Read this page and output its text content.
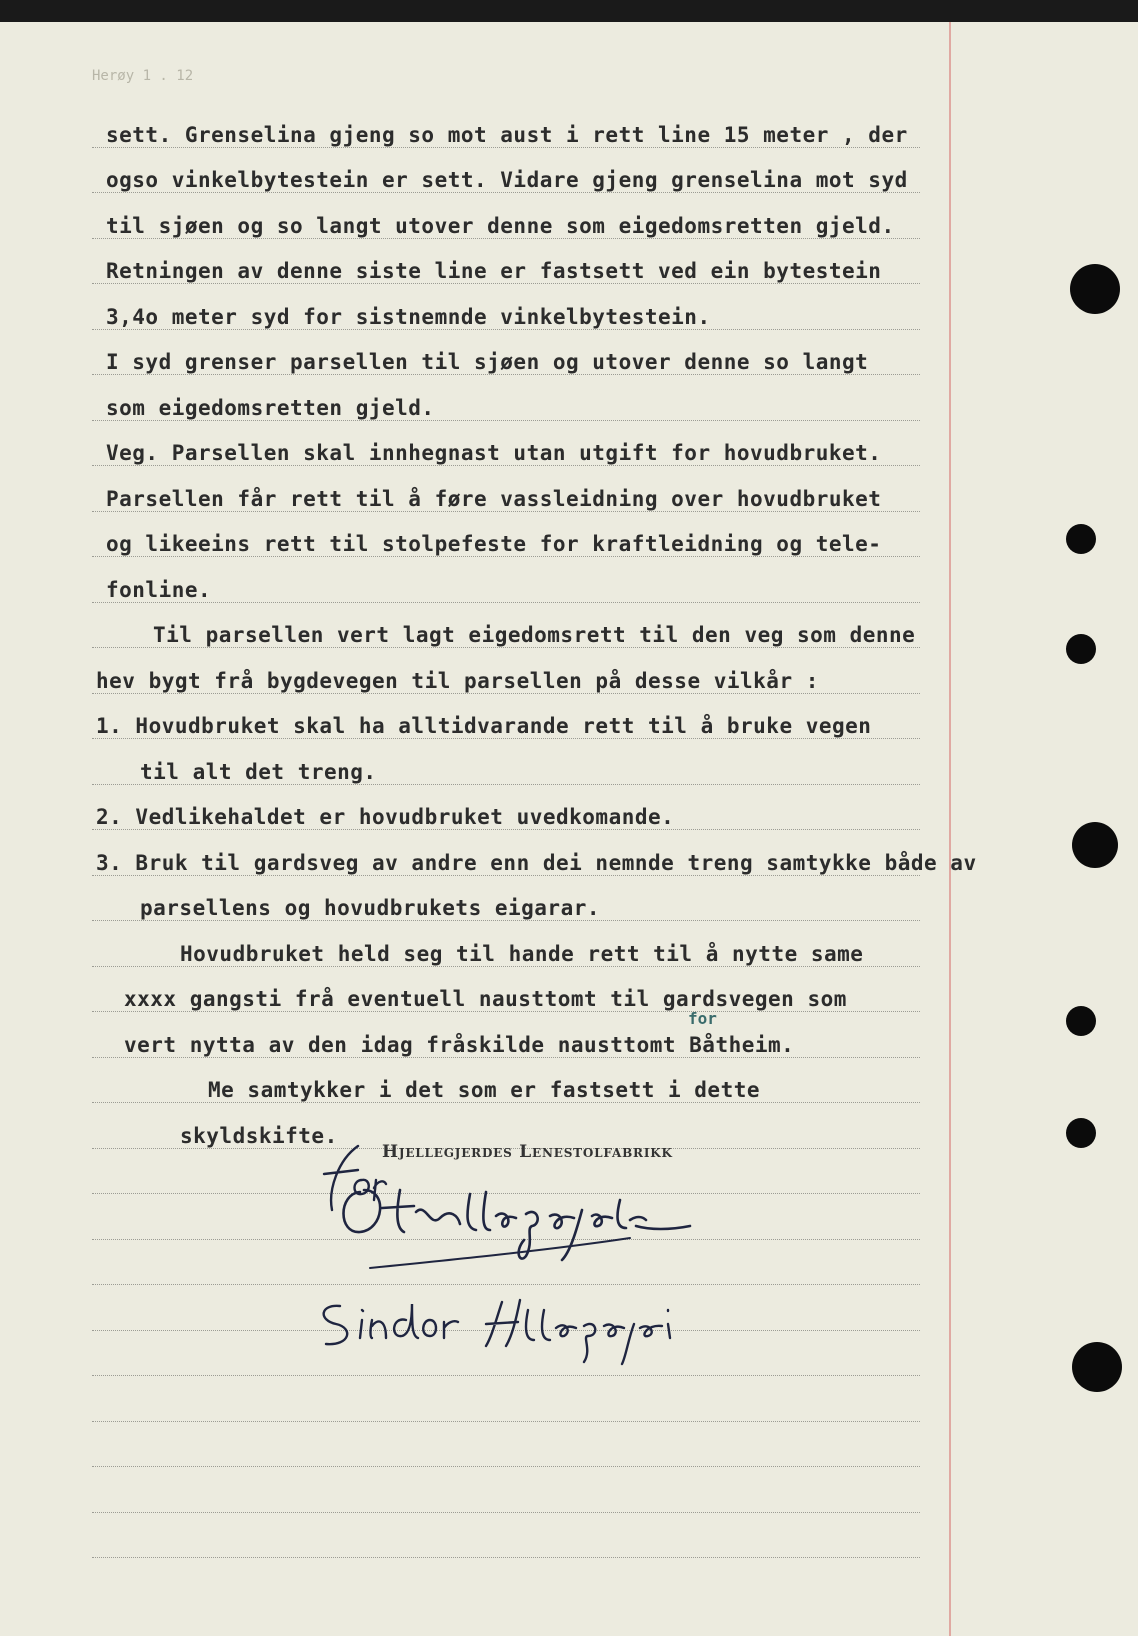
Herøy 1 . 12
sett. Grenselina gjeng so mot aust i rett line 15 meter , der
ogso vinkelbytestein er sett. Vidare gjeng grenselina mot syd
til sjøen og so langt utover denne som eigedomsretten gjeld.
Retningen av denne siste line er fastsett ved ein bytestein
3,4o meter syd for sistnemnde vinkelbytestein.
I syd grenser parsellen til sjøen og utover denne so langt
som eigedomsretten gjeld.
Veg. Parsellen skal innhegnast utan utgift for hovudbruket.
Parsellen får rett til å føre vassleidning over hovudbruket
og likeeins rett til stolpefeste for kraftleidning og tele-
fonline.
Til parsellen vert lagt eigedomsrett til den veg som denne
hev bygt frå bygdevegen til parsellen på desse vilkår :
1. Hovudbruket skal ha alltidvarande rett til å bruke vegen
til alt det treng.
2. Vedlikehaldet er hovudbruket uvedkomande.
3. Bruk til gardsveg av andre enn dei nemnde treng samtykke både av
parsellens og hovudbrukets eigarar.
Hovudbruket held seg til hande rett til å nytte same
xxxx gangsti frå eventuell nausttomt til gardsvegen som
vert nytta av den idag fråskilde nausttomt Båtheim.
Me samtykker i det som er fastsett i dette
skyldskifte.
for
Hjellegjerdes Lenestolfabrikk
